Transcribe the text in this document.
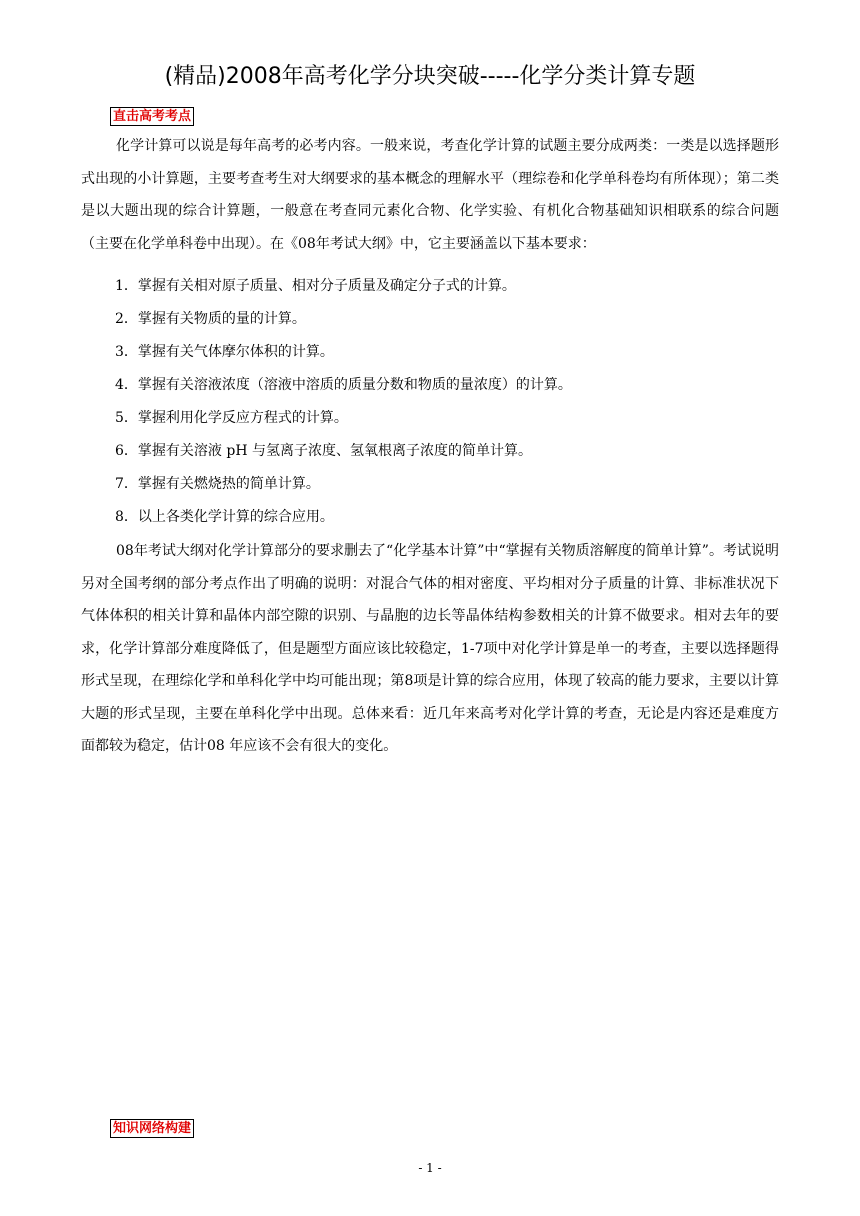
(精品)2008年高考化学分块突破-----化学分类计算专题
直击高考考点
化学计算可以说是每年高考的必考内容。一般来说，考查化学计算的试题主要分成两类：一类是以选择题形式出现的小计算题，主要考查考生对大纲要求的基本概念的理解水平（理综卷和化学单科卷均有所体现）；第二类是以大题出现的综合计算题，一般意在考查同元素化合物、化学实验、有机化合物基础知识相联系的综合问题（主要在化学单科卷中出现）。在《08年考试大纲》中，它主要涵盖以下基本要求：
1．掌握有关相对原子质量、相对分子质量及确定分子式的计算。
2．掌握有关物质的量的计算。
3．掌握有关气体摩尔体积的计算。
4．掌握有关溶液浓度（溶液中溶质的质量分数和物质的量浓度）的计算。
5．掌握利用化学反应方程式的计算。
6．掌握有关溶液 pH 与氢离子浓度、氢氧根离子浓度的简单计算。
7．掌握有关燃烧热的简单计算。
8．以上各类化学计算的综合应用。
08年考试大纲对化学计算部分的要求删去了“化学基本计算”中“掌握有关物质溶解度的简单计算”。考试说明另对全国考纲的部分考点作出了明确的说明：对混合气体的相对密度、平均相对分子质量的计算、非标准状况下气体体积的相关计算和晶体内部空隙的识别、与晶胞的边长等晶体结构参数相关的计算不做要求。相对去年的要求，化学计算部分难度降低了，但是题型方面应该比较稳定，1-7项中对化学计算是单一的考查，主要以选择题得形式呈现，在理综化学和单科化学中均可能出现；第8项是计算的综合应用，体现了较高的能力要求，主要以计算大题的形式呈现，主要在单科化学中出现。总体来看：近几年来高考对化学计算的考查，无论是内容还是难度方面都较为稳定，估计08 年应该不会有很大的变化。
知识网络构建
- 1 -
